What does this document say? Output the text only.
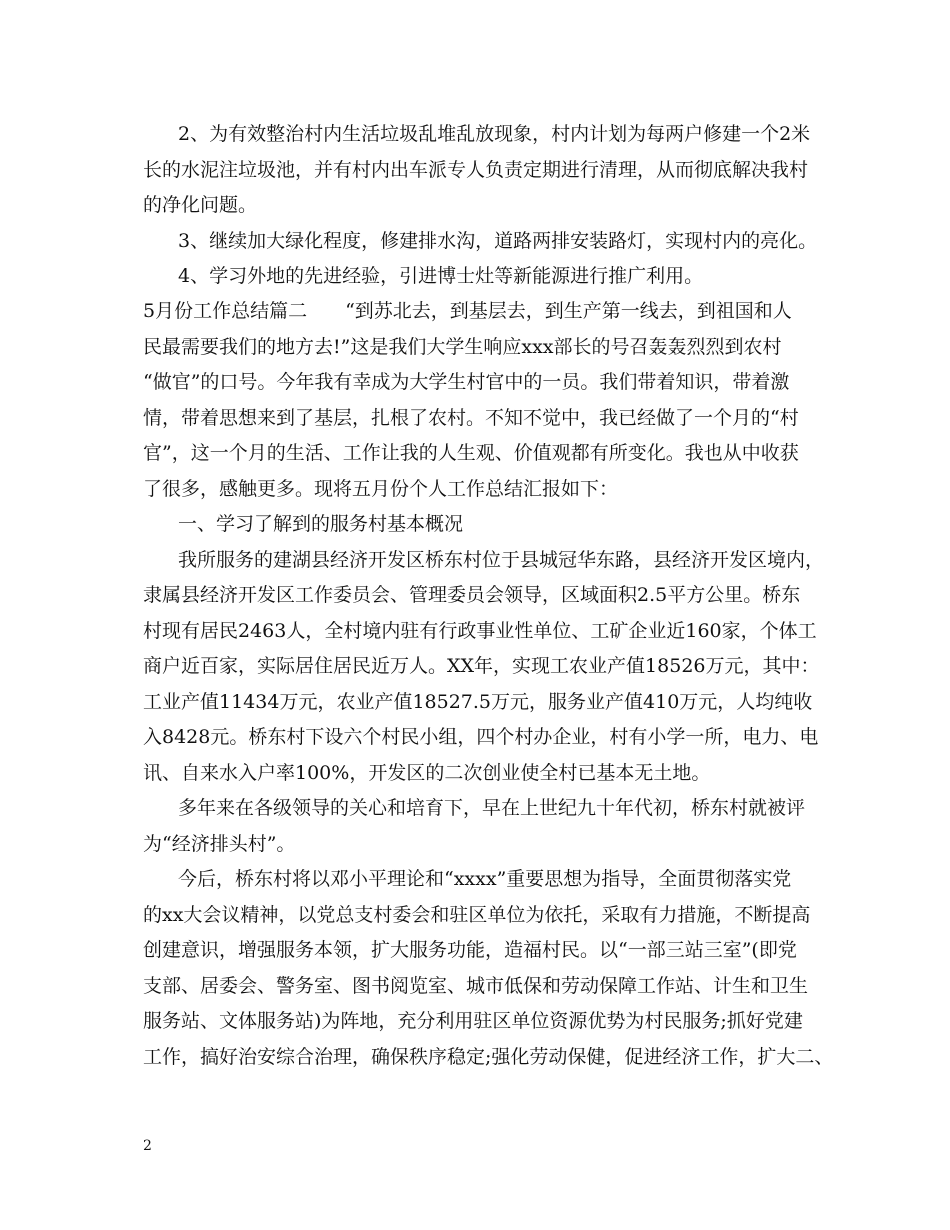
2、为有效整治村内生活垃圾乱堆乱放现象，村内计划为每两户修建一个2米
长的水泥注垃圾池，并有村内出车派专人负责定期进行清理，从而彻底解决我村
的净化问题。
3、继续加大绿化程度，修建排水沟，道路两排安装路灯，实现村内的亮化。
4、学习外地的先进经验，引进博士灶等新能源进行推广利用。
5月份工作总结篇二　　“到苏北去，到基层去，到生产第一线去，到祖国和人
民最需要我们的地方去!”这是我们大学生响应xxx部长的号召轰轰烈烈到农村
“做官”的口号。今年我有幸成为大学生村官中的一员。我们带着知识，带着激
情，带着思想来到了基层，扎根了农村。不知不觉中，我已经做了一个月的“村
官”，这一个月的生活、工作让我的人生观、价值观都有所变化。我也从中收获
了很多，感触更多。现将五月份个人工作总结汇报如下：
一、学习了解到的服务村基本概况
我所服务的建湖县经济开发区桥东村位于县城冠华东路，县经济开发区境内，
隶属县经济开发区工作委员会、管理委员会领导，区域面积2.5平方公里。桥东
村现有居民2463人，全村境内驻有行政事业性单位、工矿企业近160家，个体工
商户近百家，实际居住居民近万人。XX年，实现工农业产值18526万元，其中：
工业产值11434万元，农业产值18527.5万元，服务业产值410万元，人均纯收
入8428元。桥东村下设六个村民小组，四个村办企业，村有小学一所，电力、电
讯、自来水入户率100%，开发区的二次创业使全村已基本无土地。
多年来在各级领导的关心和培育下，早在上世纪九十年代初，桥东村就被评
为“经济排头村”。
今后，桥东村将以邓小平理论和“xxxx”重要思想为指导，全面贯彻落实党
的xx大会议精神，以党总支村委会和驻区单位为依托，采取有力措施，不断提高
创建意识，增强服务本领，扩大服务功能，造福村民。以“一部三站三室”(即党
支部、居委会、警务室、图书阅览室、城市低保和劳动保障工作站、计生和卫生
服务站、文体服务站)为阵地，充分利用驻区单位资源优势为村民服务;抓好党建
工作，搞好治安综合治理，确保秩序稳定;强化劳动保健，促进经济工作，扩大二、
2
